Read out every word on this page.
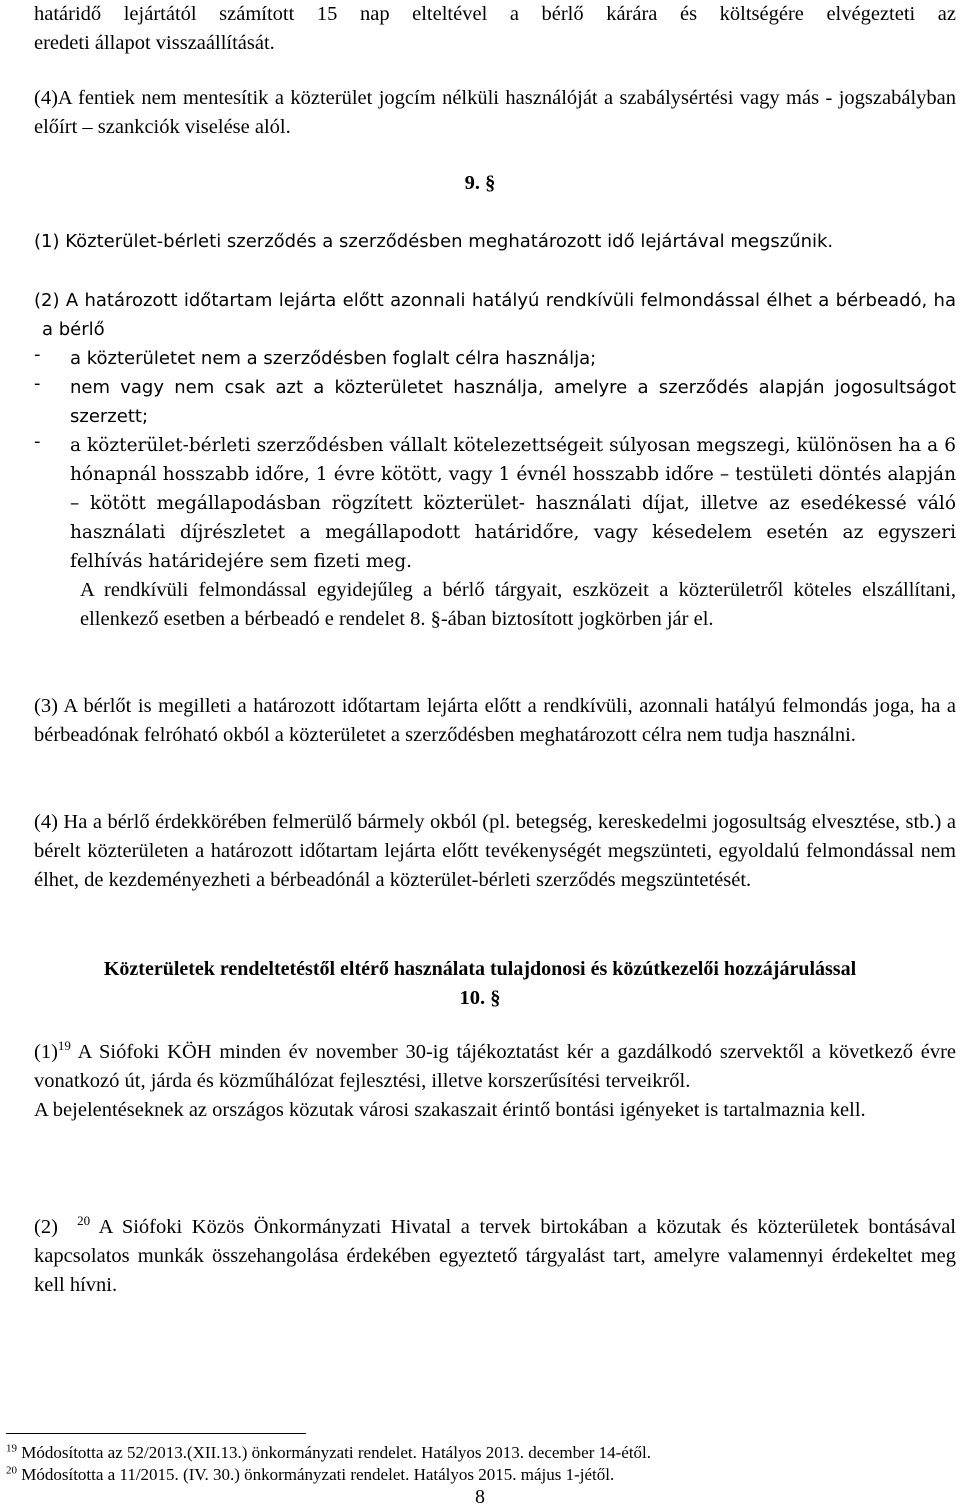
határidő lejártától számított 15 nap elteltével a bérlő kárára és költségére elvégezteti az

eredeti állapot visszaállítását.

(4)A fentiek nem mentesítik a közterület jogcím nélküli használóját a szabálysértési vagy más - jogszabályban előírt – szankciók viselése alól.

9. §

(1) Közterület-bérleti szerződés a szerződésben meghatározott idő lejártával megszűnik.

(2) A határozott időtartam lejárta előtt azonnali hatályú rendkívüli felmondással élhet a bérbeadó, ha a bérlő

-	a közterületet nem a szerződésben foglalt célra használja;

-	nem vagy nem csak azt a közterületet használja, amelyre a szerződés alapján jogosultságot szerzett;

-	a közterület-bérleti szerződésben vállalt kötelezettségeit súlyosan megszegi, különösen ha a 6 hónapnál hosszabb időre, 1 évre kötött, vagy 1 évnél hosszabb időre – testületi döntés alapján – kötött megállapodásban rögzített közterület- használati díjat, illetve az esedékessé váló használati díjrészletet a megállapodott határidőre, vagy késedelem esetén az egyszeri felhívás határidejére sem fizeti meg.

A rendkívüli felmondással egyidejűleg a bérlő tárgyait, eszközeit a közterületről köteles elszállítani, ellenkező esetben a bérbeadó e rendelet 8. §-ában biztosított jogkörben jár el.

(3) A bérlőt is megilleti a határozott időtartam lejárta előtt a rendkívüli, azonnali hatályú felmondás joga, ha a bérbeadónak felróható okból a közterületet a szerződésben meghatározott célra nem tudja használni.

(4) Ha a bérlő érdekkörében felmerülő bármely okból (pl. betegség, kereskedelmi jogosultság elvesztése, stb.) a bérelt közterületen a határozott időtartam lejárta előtt tevékenységét megszünteti, egyoldalú felmondással nem élhet, de kezdeményezheti a bérbeadónál a közterület-bérleti szerződés megszüntetését.

Közterületek rendeltetéstől eltérő használata tulajdonosi és közútkezelői hozzájárulással
10. §

$(1)^{19}$ A Siófoki KÖH minden év november 30-ig tájékoztatást kér a gazdálkodó szervektől a következő évre vonatkozó út, járda és közműhálózat fejlesztési, illetve korszerűsítési terveikről.

A bejelentéseknek az országos közutak városi szakaszait érintő bontási igényeket is tartalmaznia kell.

(2) $^{20}$ A Siófoki Közös Önkormányzati Hivatal a tervek birtokában a közutak és közterületek bontásával kapcsolatos munkák összehangolása érdekében egyeztető tárgyalást tart, amelyre valamennyi érdekeltet meg kell hívni.

$^{19}$ Módosította az 52/2013.(XII.13.) önkormányzati rendelet. Hatályos 2013. december 14-étől.
$^{20}$ Módosította a 11/2015. (IV. 30.) önkormányzati rendelet. Hatályos 2015. május 1-jétől.
8
